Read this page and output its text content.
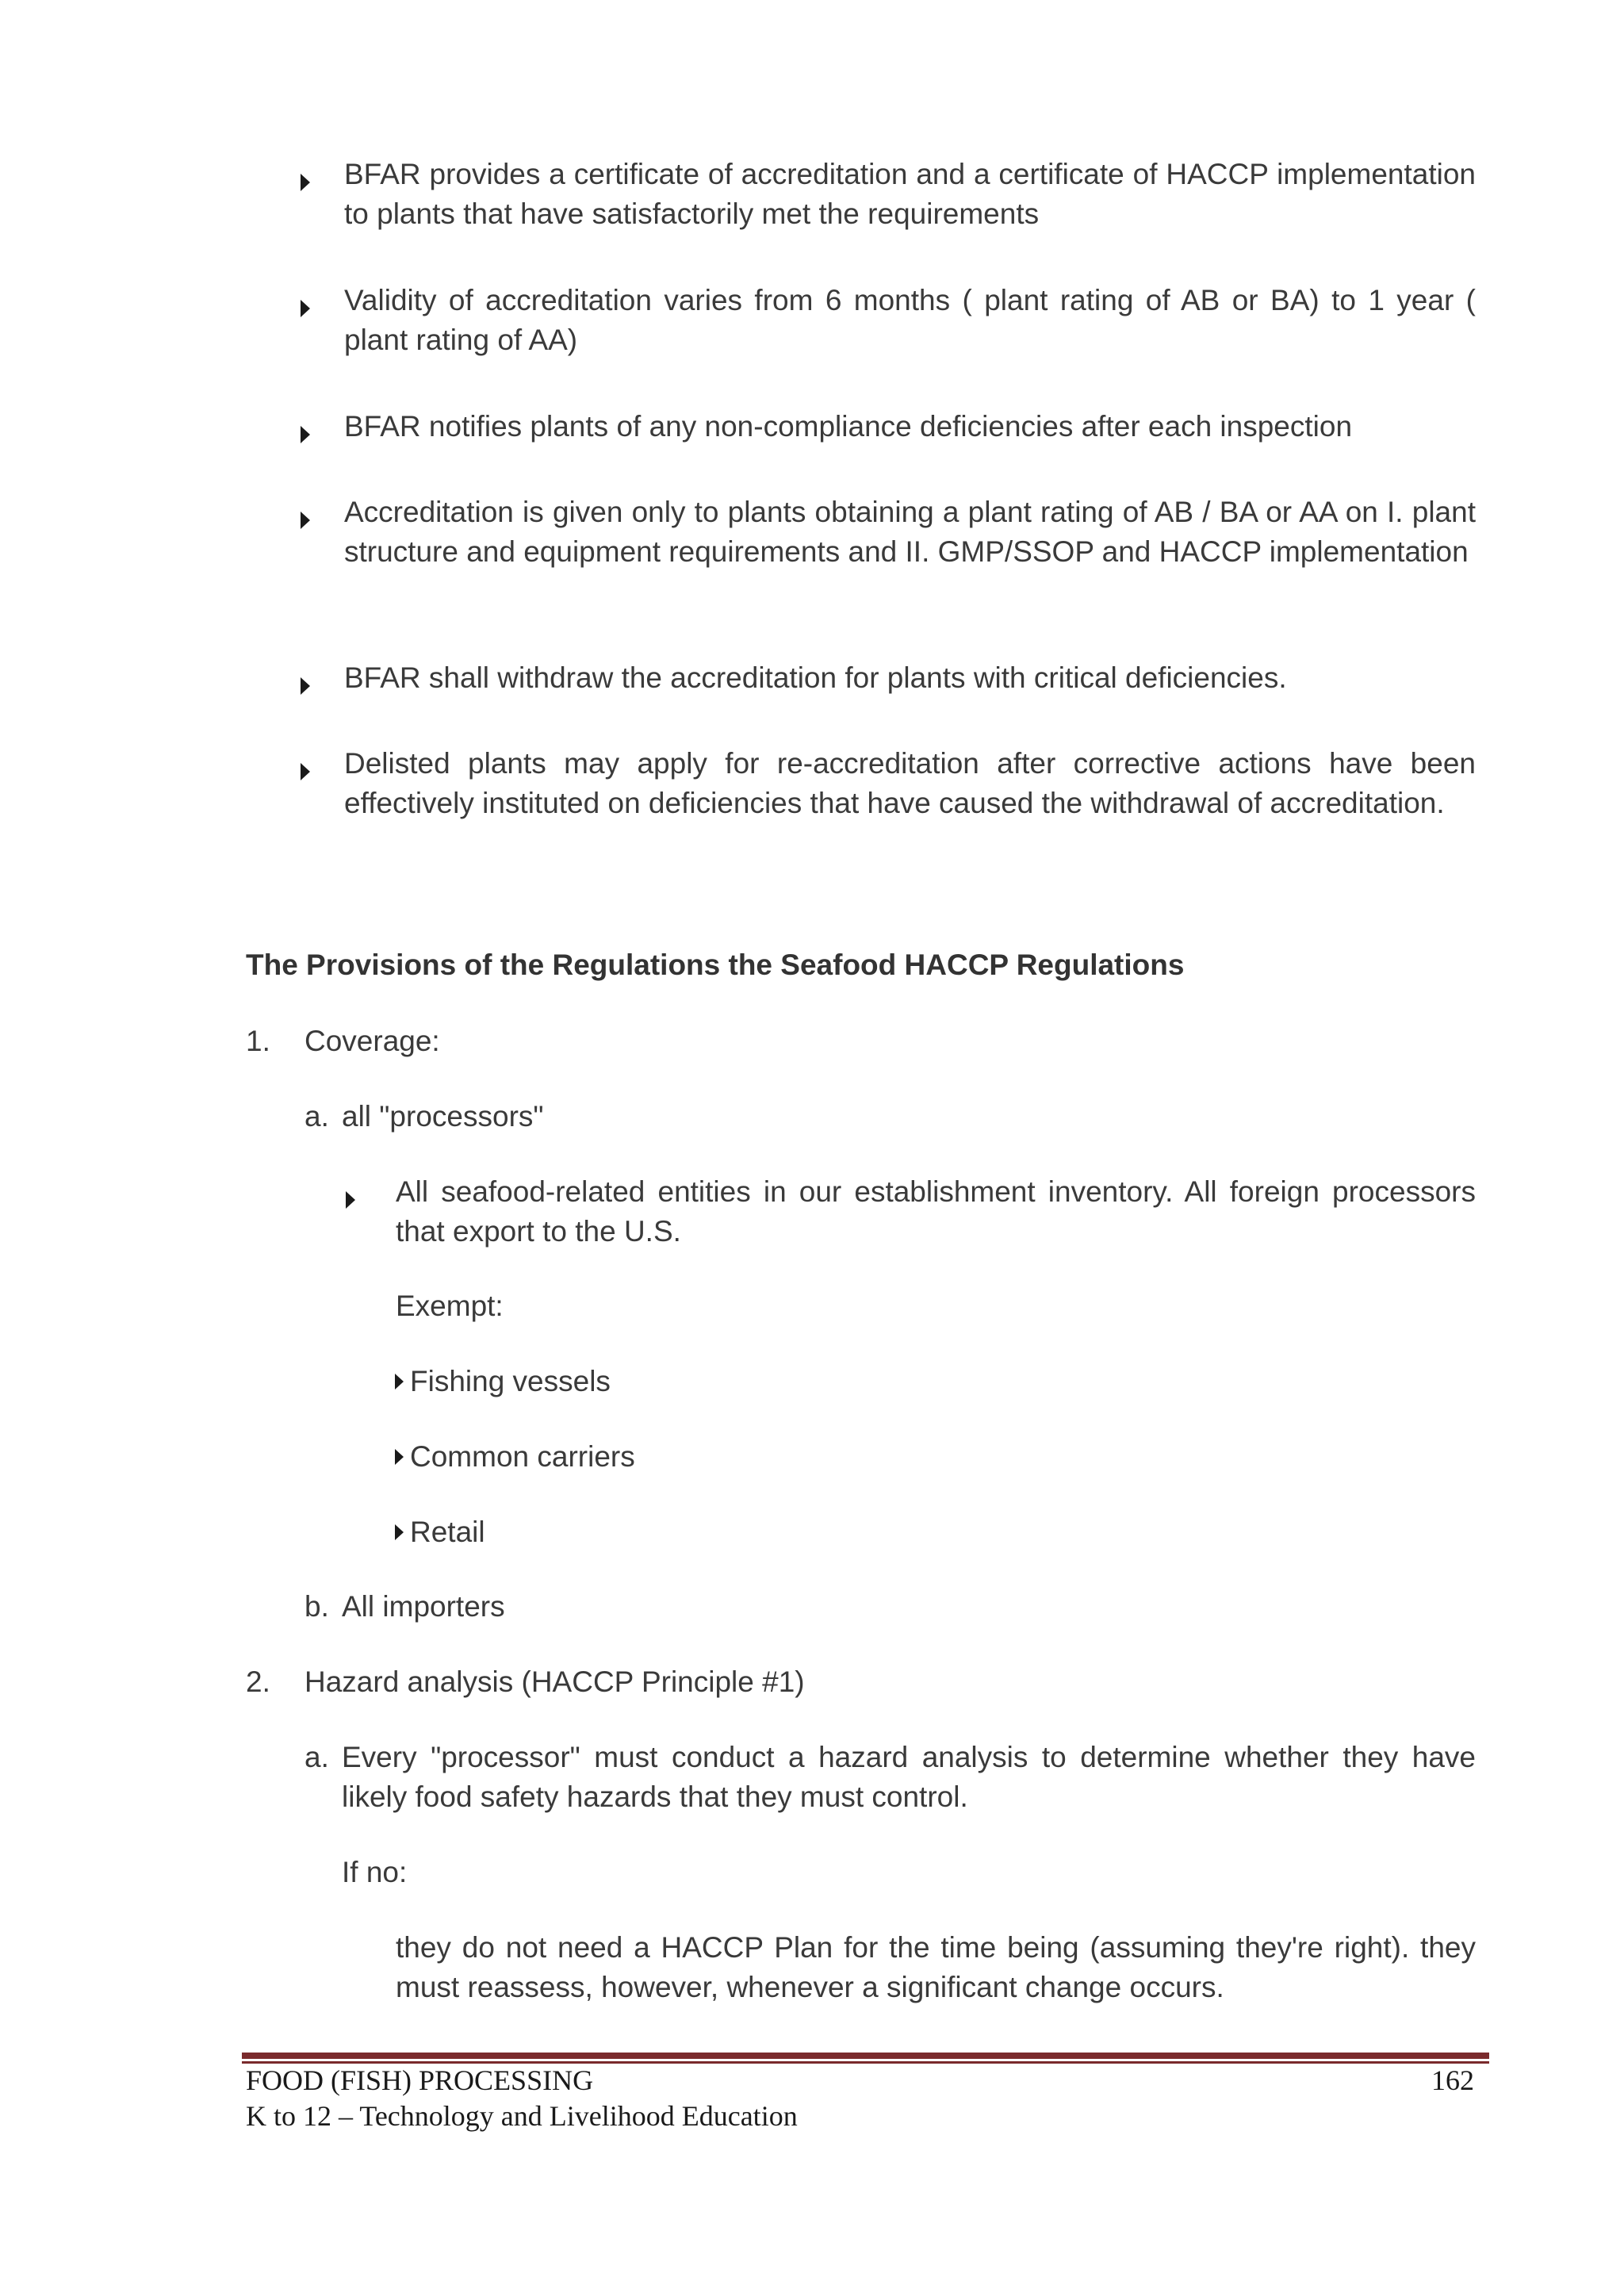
BFAR provides a certificate of accreditation and a certificate of HACCP implementation to plants that have satisfactorily met the requirements
Validity of accreditation varies from 6 months ( plant rating of AB or BA) to 1 year ( plant rating of AA)
BFAR notifies plants of any non-compliance deficiencies after each inspection
Accreditation is given only to plants obtaining a plant rating of AB / BA or AA on I. plant structure and equipment requirements and II. GMP/SSOP and HACCP implementation
BFAR shall withdraw the accreditation for plants with critical deficiencies.
Delisted plants may apply for re-accreditation after corrective actions have been effectively instituted on deficiencies that have caused the withdrawal of accreditation.
The Provisions of the Regulations the Seafood HACCP Regulations
1. Coverage:
a. all "processors"
All seafood-related entities in our establishment inventory. All foreign processors that export to the U.S.
Exempt:
Fishing vessels
Common carriers
Retail
b. All importers
2. Hazard analysis (HACCP Principle #1)
a. Every "processor" must conduct a hazard analysis to determine whether they have likely food safety hazards that they must control.
If no:
they do not need a HACCP Plan for the time being (assuming they're right). they must reassess, however, whenever a significant change occurs.
FOOD (FISH) PROCESSING
K to 12 – Technology and Livelihood Education
162
